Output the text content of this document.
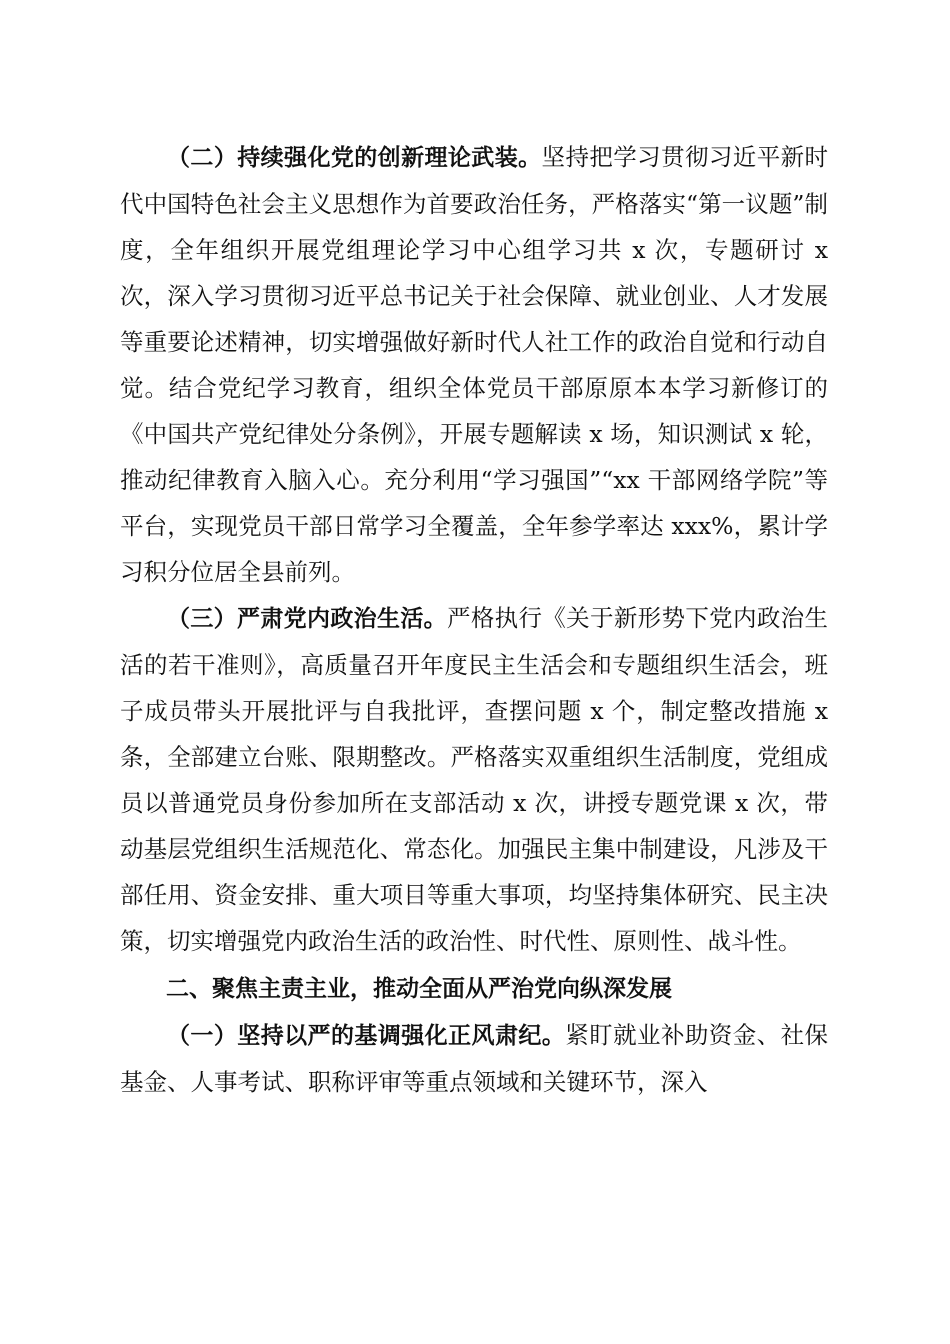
（二）持续强化党的创新理论武装。坚持把学习贯彻习近平新时代中国特色社会主义思想作为首要政治任务，严格落实“第一议题”制度，全年组织开展党组理论学习中心组学习共 x 次，专题研讨 x 次，深入学习贯彻习近平总书记关于社会保障、就业创业、人才发展等重要论述精神，切实增强做好新时代人社工作的政治自觉和行动自觉。结合党纪学习教育，组织全体党员干部原原本本学习新修订的《中国共产党纪律处分条例》，开展专题解读 x 场，知识测试 x 轮，推动纪律教育入脑入心。充分利用“学习强国”“xx 干部网络学院”等平台，实现党员干部日常学习全覆盖，全年参学率达 xxx%，累计学习积分位居全县前列。

（三）严肃党内政治生活。严格执行《关于新形势下党内政治生活的若干准则》，高质量召开年度民主生活会和专题组织生活会，班子成员带头开展批评与自我批评，查摆问题 x 个，制定整改措施 x 条，全部建立台账、限期整改。严格落实双重组织生活制度，党组成员以普通党员身份参加所在支部活动 x 次，讲授专题党课 x 次，带动基层党组织生活规范化、常态化。加强民主集中制建设，凡涉及干部任用、资金安排、重大项目等重大事项，均坚持集体研究、民主决策，切实增强党内政治生活的政治性、时代性、原则性、战斗性。

二、聚焦主责主业，推动全面从严治党向纵深发展

（一）坚持以严的基调强化正风肃纪。紧盯就业补助资金、社保基金、人事考试、职称评审等重点领域和关键环节，深入
